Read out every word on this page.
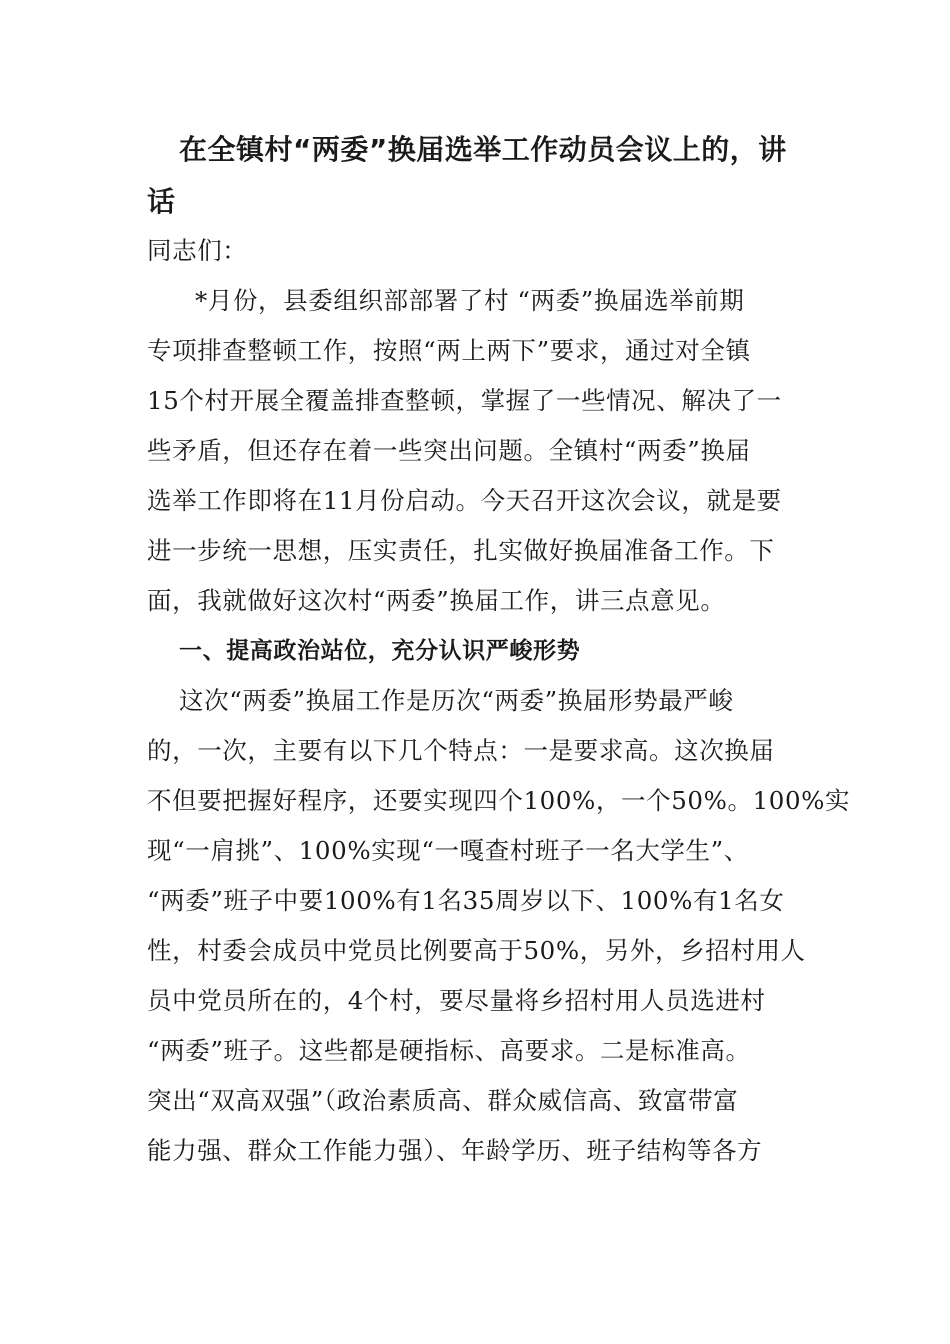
在全镇村“两委”换届选举工作动员会议上的，讲话
同志们：
*月份，县委组织部部署了村 “两委”换届选举前期
专项排查整顿工作，按照“两上两下”要求，通过对全镇
15个村开展全覆盖排查整顿，掌握了一些情况、解决了一
些矛盾，但还存在着一些突出问题。全镇村“两委”换届
选举工作即将在11月份启动。今天召开这次会议，就是要
进一步统一思想，压实责任，扎实做好换届准备工作。下
面，我就做好这次村“两委”换届工作，讲三点意见。
一、提高政治站位，充分认识严峻形势
这次“两委”换届工作是历次“两委”换届形势最严峻
的，一次，主要有以下几个特点：一是要求高。这次换届
不但要把握好程序，还要实现四个100%，一个50%。100%实
现“一肩挑”、100%实现“一嘎查村班子一名大学生”、
“两委”班子中要100%有1名35周岁以下、100%有1名女
性，村委会成员中党员比例要高于50%，另外，乡招村用人
员中党员所在的，4个村，要尽量将乡招村用人员选进村
“两委”班子。这些都是硬指标、高要求。二是标准高。
突出“双高双强”（政治素质高、群众威信高、致富带富
能力强、群众工作能力强）、年龄学历、班子结构等各方
